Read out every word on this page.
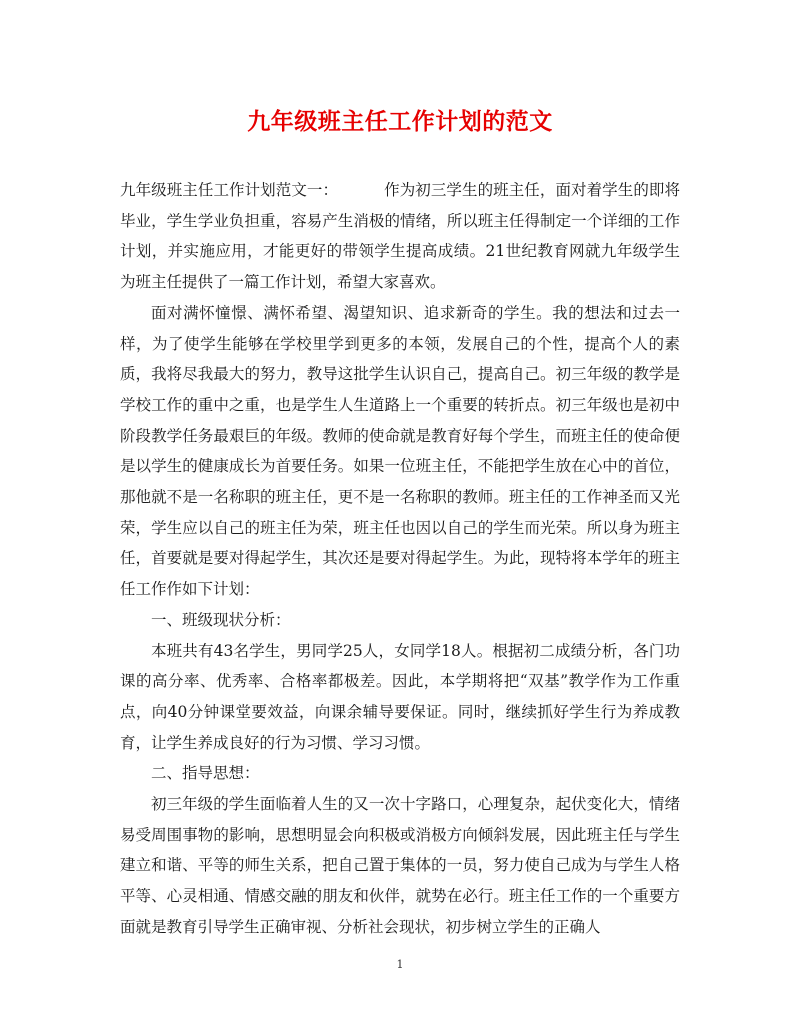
九年级班主任工作计划的范文

九年级班主任工作计划范文一：	作为初三学生的班主任，面对着学生的即将毕业，学生学业负担重，容易产生消极的情绪，所以班主任得制定一个详细的工作计划，并实施应用，才能更好的带领学生提高成绩。21世纪教育网就九年级学生为班主任提供了一篇工作计划，希望大家喜欢。

面对满怀憧憬、满怀希望、渴望知识、追求新奇的学生。我的想法和过去一样，为了使学生能够在学校里学到更多的本领，发展自己的个性，提高个人的素质，我将尽我最大的努力，教导这批学生认识自己，提高自己。初三年级的教学是学校工作的重中之重，也是学生人生道路上一个重要的转折点。初三年级也是初中阶段教学任务最艰巨的年级。教师的使命就是教育好每个学生，而班主任的使命便是以学生的健康成长为首要任务。如果一位班主任，不能把学生放在心中的首位，那他就不是一名称职的班主任，更不是一名称职的教师。班主任的工作神圣而又光荣，学生应以自己的班主任为荣，班主任也因以自己的学生而光荣。所以身为班主任，首要就是要对得起学生，其次还是要对得起学生。为此，现特将本学年的班主任工作作如下计划：

一、班级现状分析：

本班共有43名学生，男同学25人，女同学18人。根据初二成绩分析，各门功课的高分率、优秀率、合格率都极差。因此，本学期将把“双基”教学作为工作重点，向40分钟课堂要效益，向课余辅导要保证。同时，继续抓好学生行为养成教育，让学生养成良好的行为习惯、学习习惯。

二、指导思想：

初三年级的学生面临着人生的又一次十字路口，心理复杂，起伏变化大，情绪易受周围事物的影响，思想明显会向积极或消极方向倾斜发展，因此班主任与学生建立和谐、平等的师生关系，把自己置于集体的一员，努力使自己成为与学生人格平等、心灵相通、情感交融的朋友和伙伴，就势在必行。班主任工作的一个重要方面就是教育引导学生正确审视、分析社会现状，初步树立学生的正确人

1
